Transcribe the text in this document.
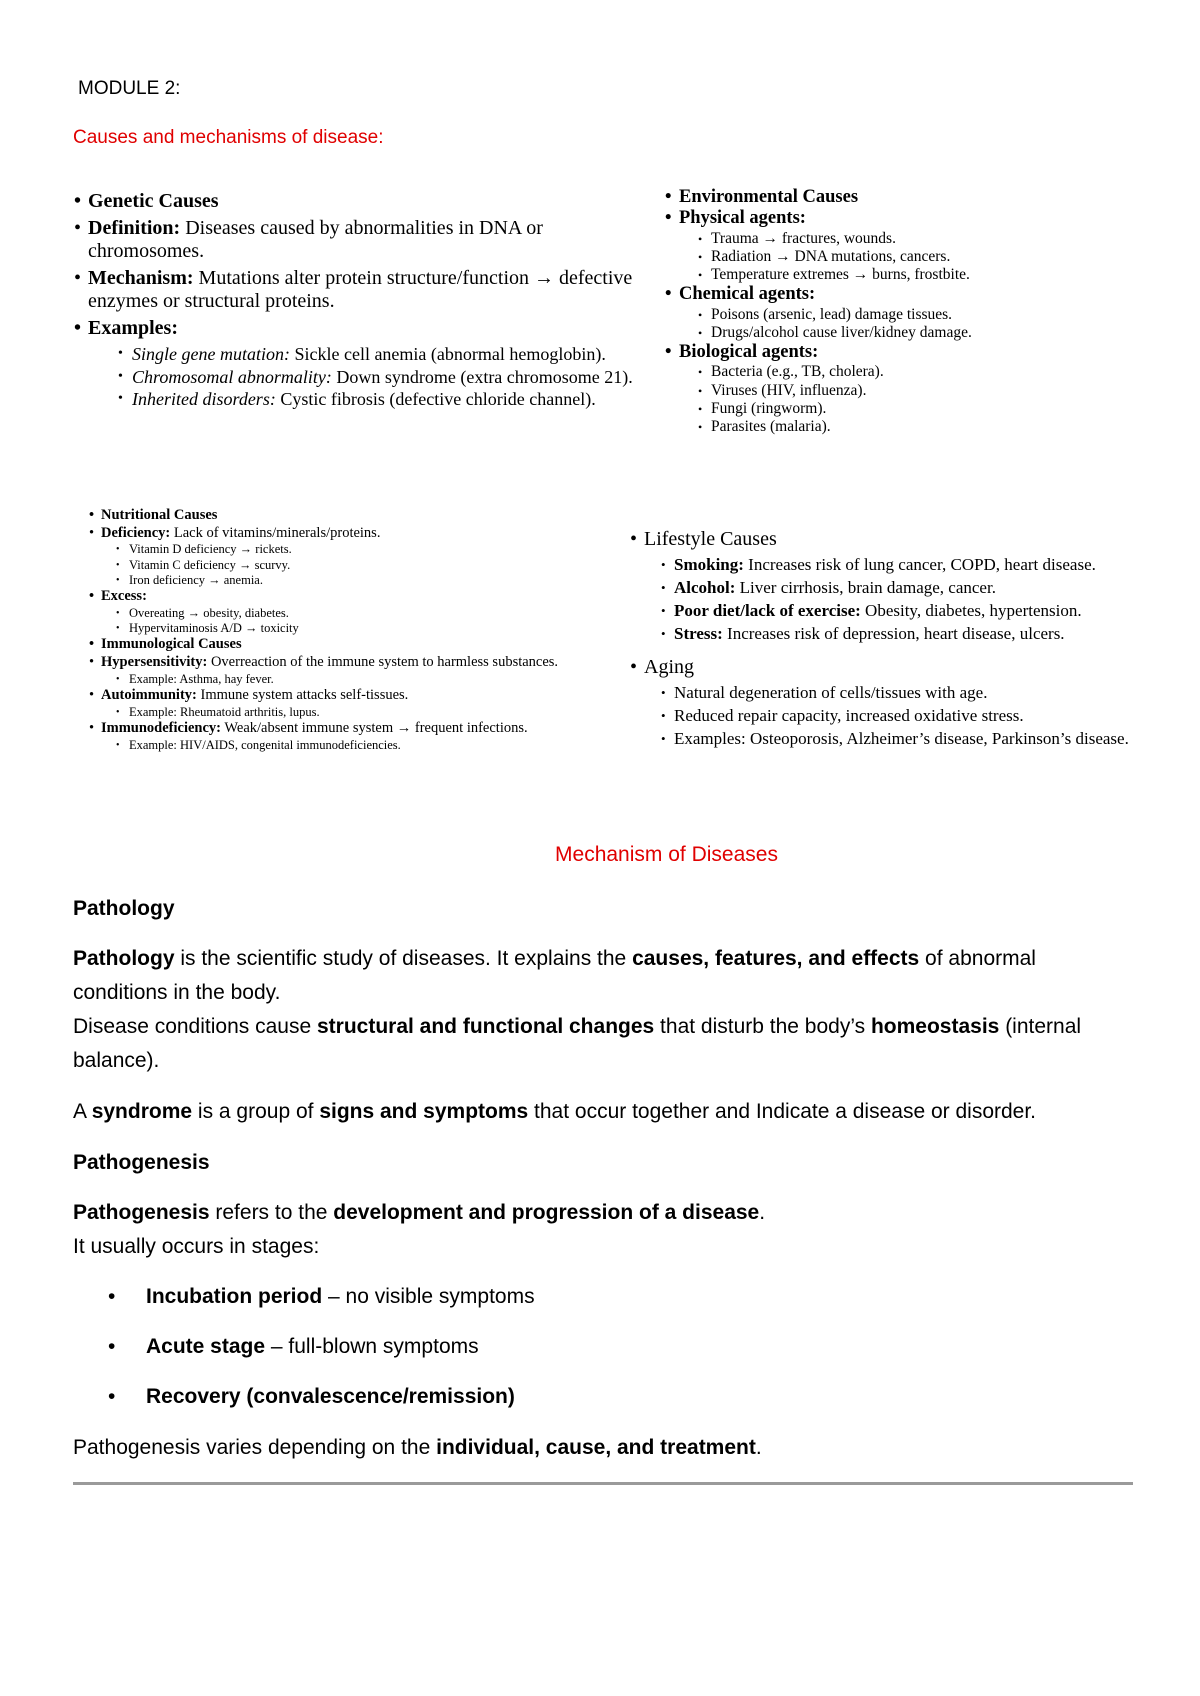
MODULE 2:
Causes and mechanisms of disease:
• Genetic Causes
• Definition: Diseases caused by abnormalities in DNA or chromosomes.
• Mechanism: Mutations alter protein structure/function → defective enzymes or structural proteins.
• Examples:
• Single gene mutation: Sickle cell anemia (abnormal hemoglobin).
• Chromosomal abnormality: Down syndrome (extra chromosome 21).
• Inherited disorders: Cystic fibrosis (defective chloride channel).
• Environmental Causes
• Physical agents:
• Trauma → fractures, wounds.
• Radiation → DNA mutations, cancers.
• Temperature extremes → burns, frostbite.
• Chemical agents:
• Poisons (arsenic, lead) damage tissues.
• Drugs/alcohol cause liver/kidney damage.
• Biological agents:
• Bacteria (e.g., TB, cholera).
• Viruses (HIV, influenza).
• Fungi (ringworm).
• Parasites (malaria).
• Nutritional Causes
• Deficiency: Lack of vitamins/minerals/proteins.
• Vitamin D deficiency → rickets.
• Vitamin C deficiency → scurvy.
• Iron deficiency → anemia.
• Excess:
• Overeating → obesity, diabetes.
• Hypervitaminosis A/D → toxicity
• Immunological Causes
• Hypersensitivity: Overreaction of the immune system to harmless substances.
• Example: Asthma, hay fever.
• Autoimmunity: Immune system attacks self-tissues.
• Example: Rheumatoid arthritis, lupus.
• Immunodeficiency: Weak/absent immune system → frequent infections.
• Example: HIV/AIDS, congenital immunodeficiencies.
• Lifestyle Causes
• Smoking: Increases risk of lung cancer, COPD, heart disease.
• Alcohol: Liver cirrhosis, brain damage, cancer.
• Poor diet/lack of exercise: Obesity, diabetes, hypertension.
• Stress: Increases risk of depression, heart disease, ulcers.
• Aging
• Natural degeneration of cells/tissues with age.
• Reduced repair capacity, increased oxidative stress.
• Examples: Osteoporosis, Alzheimer’s disease, Parkinson’s disease.
Mechanism of Diseases
Pathology
Pathology is the scientific study of diseases. It explains the causes, features, and effects of abnormal conditions in the body.
Disease conditions cause structural and functional changes that disturb the body’s homeostasis (internal balance).
A syndrome is a group of signs and symptoms that occur together and Indicate a disease or disorder.
Pathogenesis
Pathogenesis refers to the development and progression of a disease.
It usually occurs in stages:
• Incubation period – no visible symptoms
• Acute stage – full-blown symptoms
• Recovery (convalescence/remission)
Pathogenesis varies depending on the individual, cause, and treatment.
